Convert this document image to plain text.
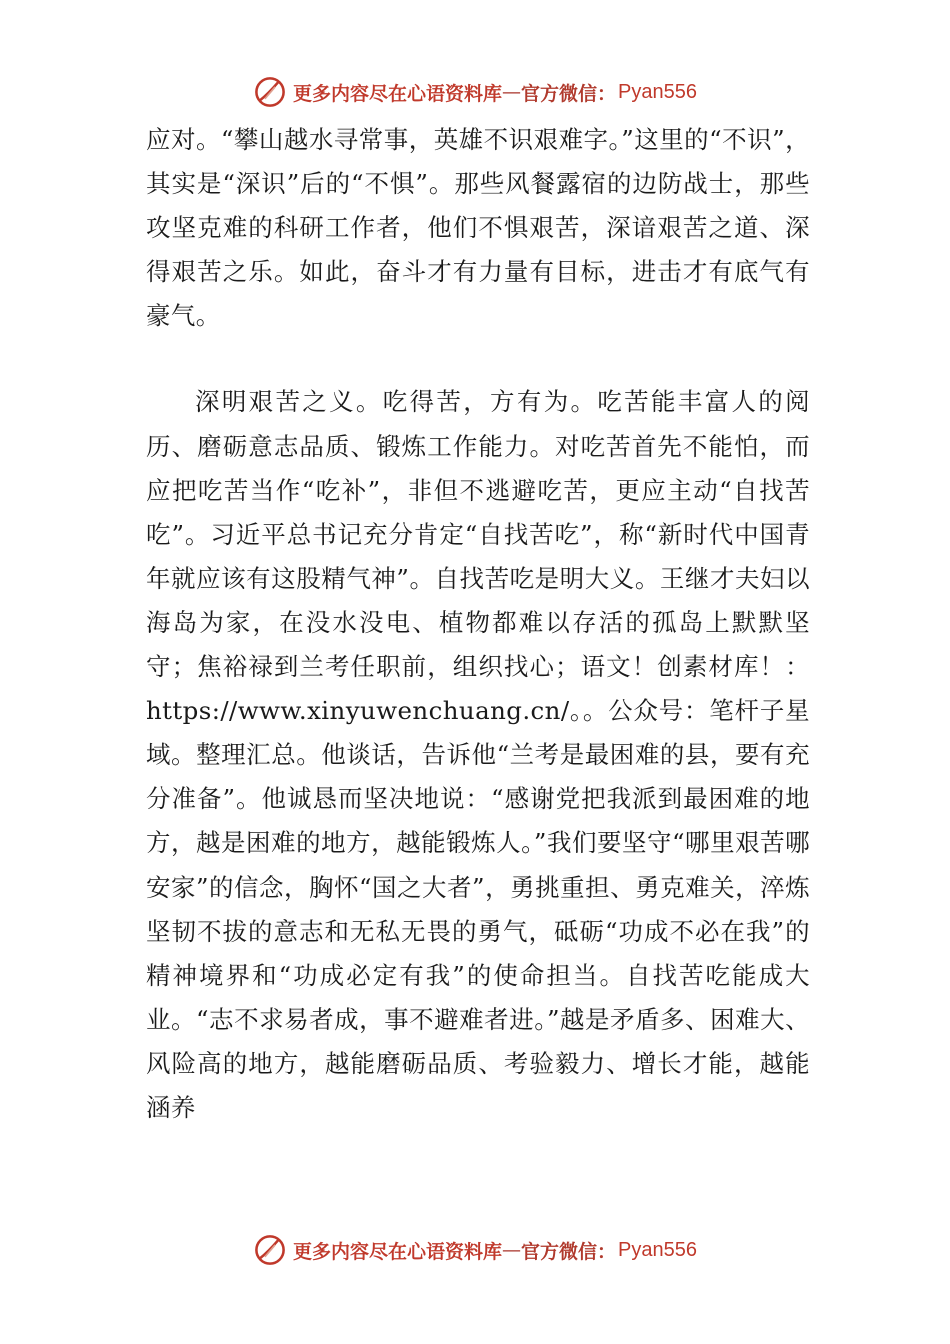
更多内容尽在心语资料库 — 官方微信： Pyan556

应对。“攀山越水寻常事，英雄不识艰难字。”这里的“不识”，其实是“深识”后的“不惧”。那些风餐露宿的边防战士，那些攻坚克难的科研工作者，他们不惧艰苦，深谙艰苦之道、深得艰苦之乐。如此，奋斗才有力量有目标，进击才有底气有豪气。

深明艰苦之义。吃得苦，方有为。吃苦能丰富人的阅历、磨砺意志品质、锻炼工作能力。对吃苦首先不能怕，而应把吃苦当作“吃补”，非但不逃避吃苦，更应主动“自找苦吃”。习近平总书记充分肯定“自找苦吃”，称“新时代中国青年就应该有这股精气神”。自找苦吃是明大义。王继才夫妇以海岛为家，在没水没电、植物都难以存活的孤岛上默默坚守；焦裕禄到兰考任职前，组织找心；语文！创素材库！：https://www.xinyuwenchuang.cn/。。公众号：笔杆子星域。整理汇总。他谈话，告诉他“兰考是最困难的县，要有充分准备”。他诚恳而坚决地说：“感谢党把我派到最困难的地方，越是困难的地方，越能锻炼人。”我们要坚守“哪里艰苦哪安家”的信念，胸怀“国之大者”，勇挑重担、勇克难关，淬炼坚韧不拔的意志和无私无畏的勇气，砥砺“功成不必在我”的精神境界和“功成必定有我”的使命担当。自找苦吃能成大业。“志不求易者成，事不避难者进。”越是矛盾多、困难大、风险高的地方，越能磨砺品质、考验毅力、增长才能，越能涵养

更多内容尽在心语资料库 — 官方微信： Pyan556
